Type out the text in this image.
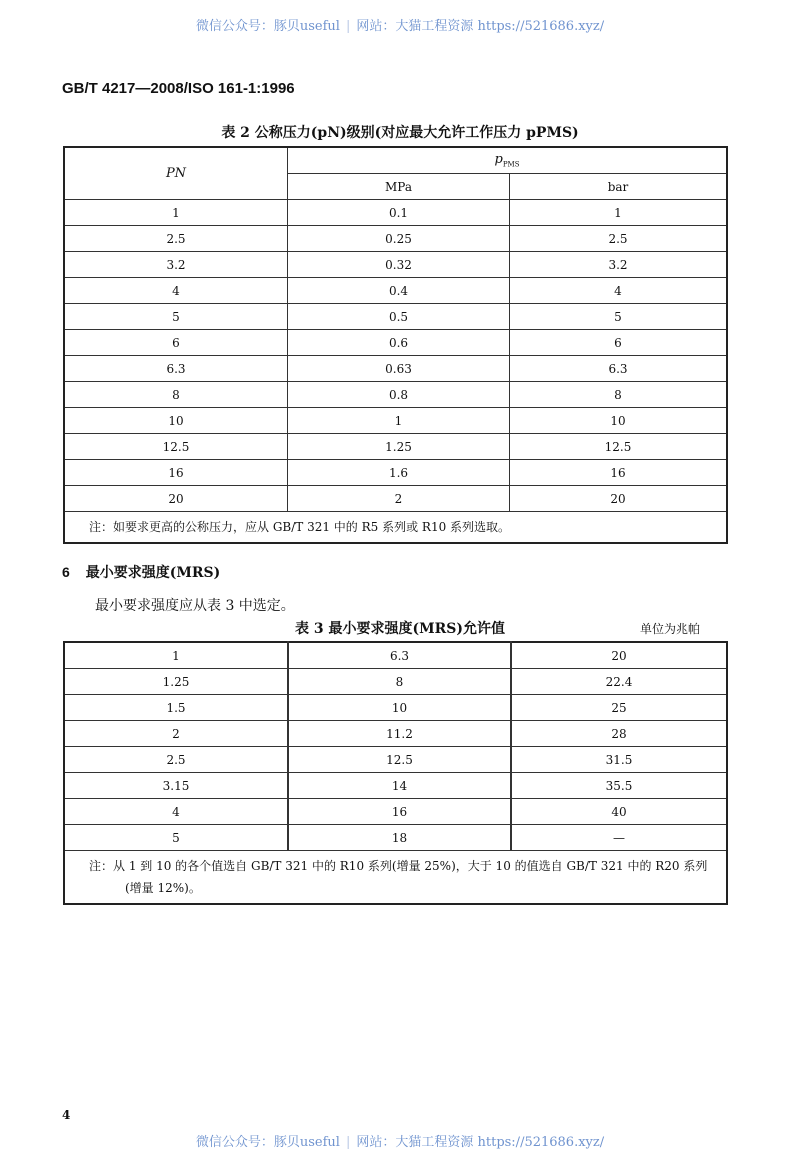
微信公众号：豚贝useful | 网站：大猫工程资源 https://521686.xyz/
GB/T 4217—2008/ISO 161-1:1996
表 2 公称压力(pN)级别(对应最大允许工作压力 pPMS)
PN	$p_{PMS}$
	MPa	bar
1	0.1	1
2.5	0.25	2.5
3.2	0.32	3.2
4	0.4	4
5	0.5	5
6	0.6	6
6.3	0.63	6.3
8	0.8	8
10	1	10
12.5	1.25	12.5
16	1.6	16
20	2	20
注：如要求更高的公称压力，应从 GB/T 321 中的 R5 系列或 R10 系列选取。		
6 最小要求强度(MRS)
最小要求强度应从表 3 中选定。
表 3 最小要求强度(MRS)允许值	单位为兆帕
1	6.3	20
1.25	8	22.4
1.5	10	25
2	11.2	28
2.5	12.5	31.5
3.15	14	35.5
4	16	40
5	18	—
注：从 1 到 10 的各个值选自 GB/T 321 中的 R10 系列(增量 25%)，大于 10 的值选自 GB/T 321 中的 R20 系列
(增量 12%)。		
4
微信公众号：豚贝useful | 网站：大猫工程资源 https://521686.xyz/
